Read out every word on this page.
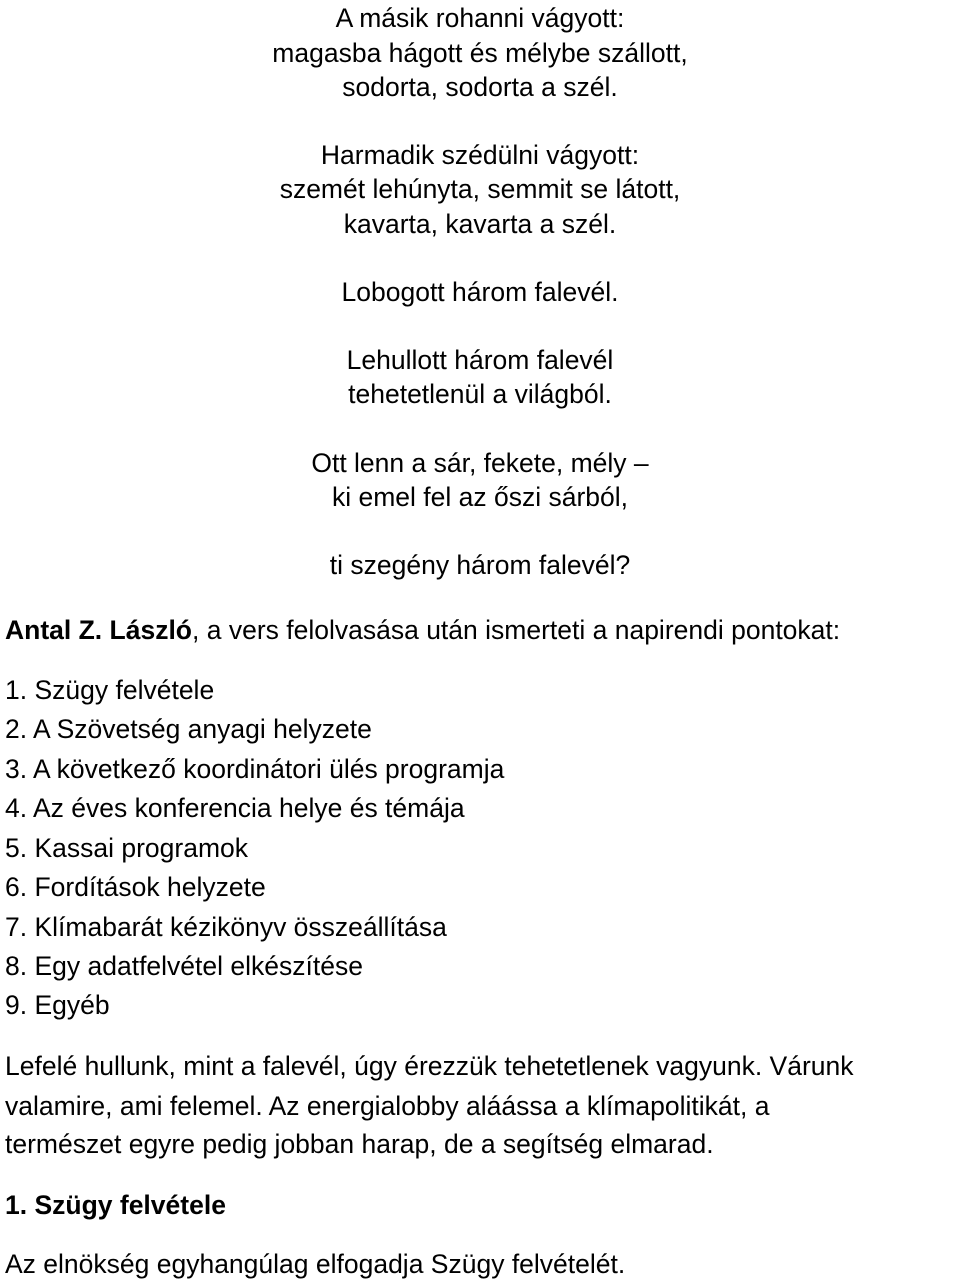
A másik rohanni vágyott:
magasba hágott és mélybe szállott,
sodorta, sodorta a szél.
Harmadik szédülni vágyott:
szemét lehúnyta, semmit se látott,
kavarta, kavarta a szél.
Lobogott három falevél.
Lehullott három falevél
tehetetlenül a világból.
Ott lenn a sár, fekete, mély –
ki emel fel az őszi sárból,
ti szegény három falevél?
Antal Z. László, a vers felolvasása után ismerteti a napirendi pontokat:
1. Szügy felvétele
2. A Szövetség anyagi helyzete
3. A következő koordinátori ülés programja
4. Az éves konferencia helye és témája
5. Kassai programok
6. Fordítások helyzete
7. Klímabarát kézikönyv összeállítása
8. Egy adatfelvétel elkészítése
9. Egyéb
Lefelé hullunk, mint a falevél, úgy érezzük tehetetlenek vagyunk. Várunk
valamire, ami felemel. Az energialobby aláássa a klímapolitikát, a
természet egyre pedig jobban harap, de a segítség elmarad.
1. Szügy felvétele
Az elnökség egyhangúlag elfogadja Szügy felvételét.
